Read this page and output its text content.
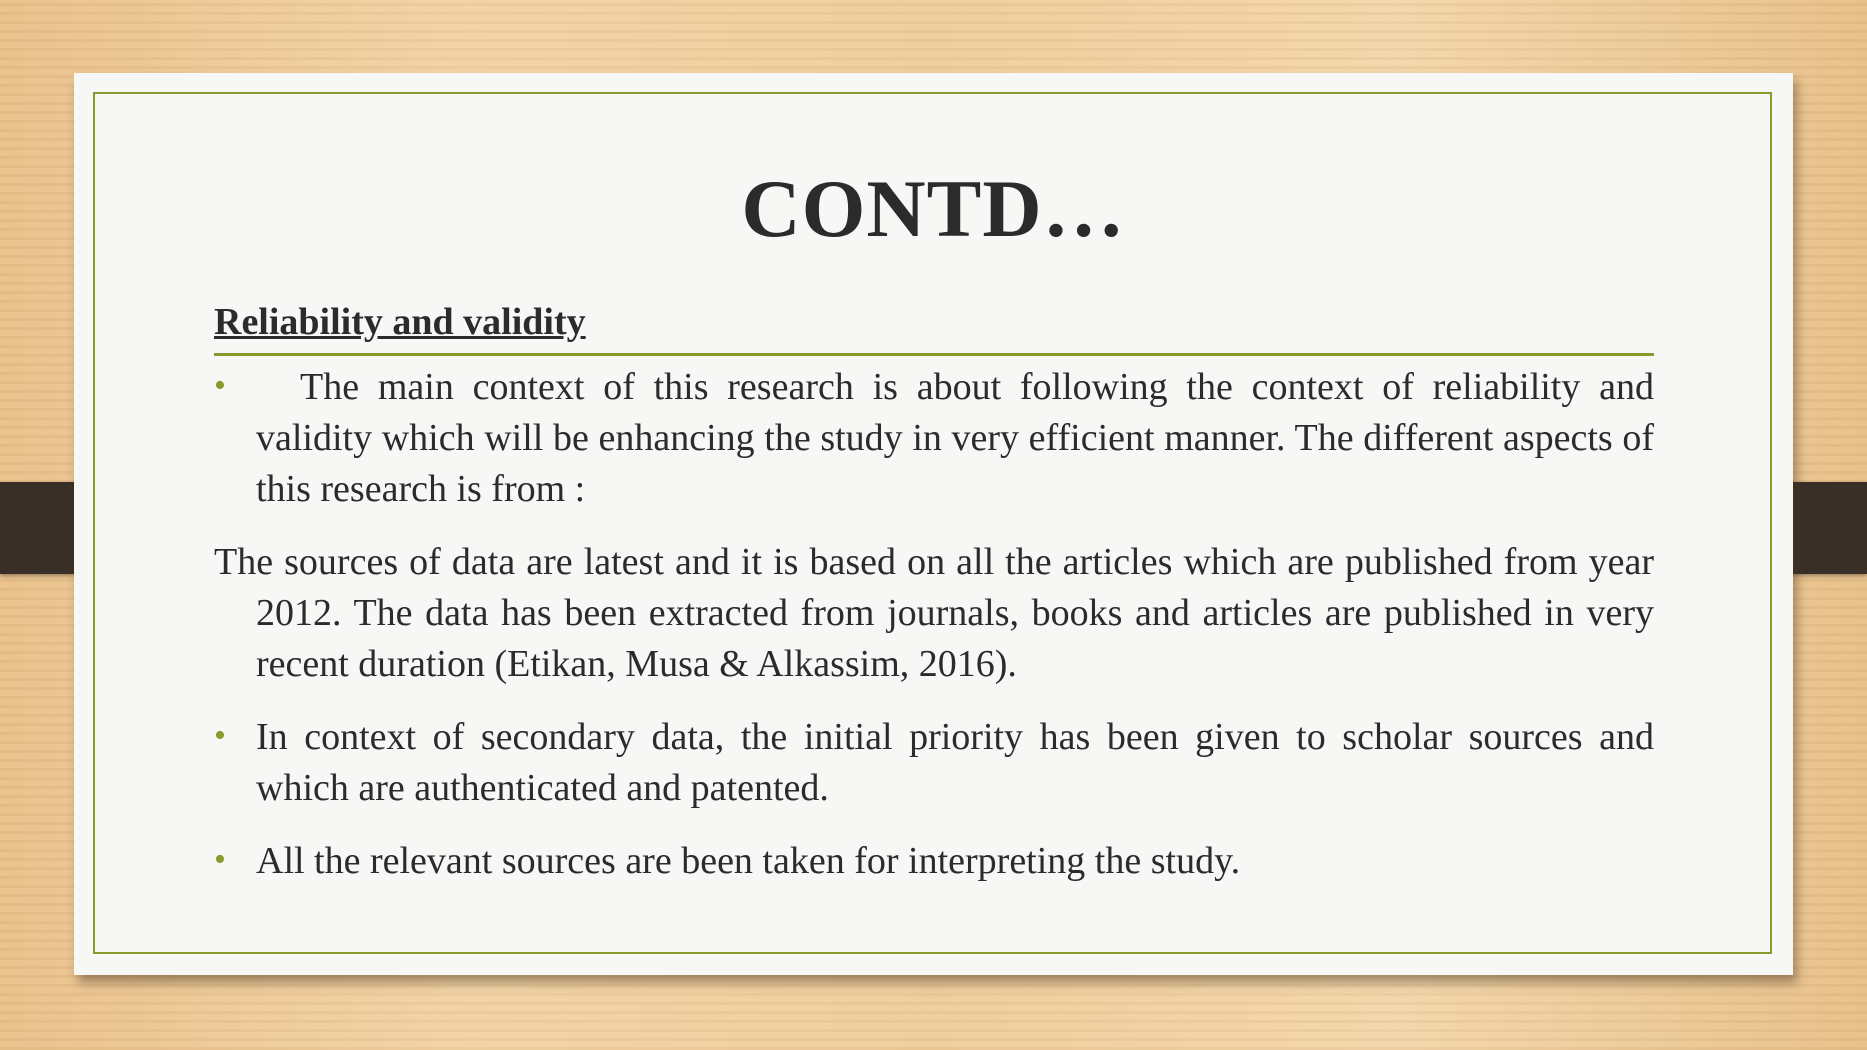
CONTD…
Reliability and validity

• The main context of this research is about following the context of reliability and validity which will be enhancing the study in very efficient manner. The different aspects of this research is from :

The sources of data are latest and it is based on all the articles which are published from year 2012. The data has been extracted from journals, books and articles are published in very recent duration (Etikan, Musa & Alkassim, 2016).

• In context of secondary data, the initial priority has been given to scholar sources and which are authenticated and patented.

• All the relevant sources are been taken for interpreting the study.
